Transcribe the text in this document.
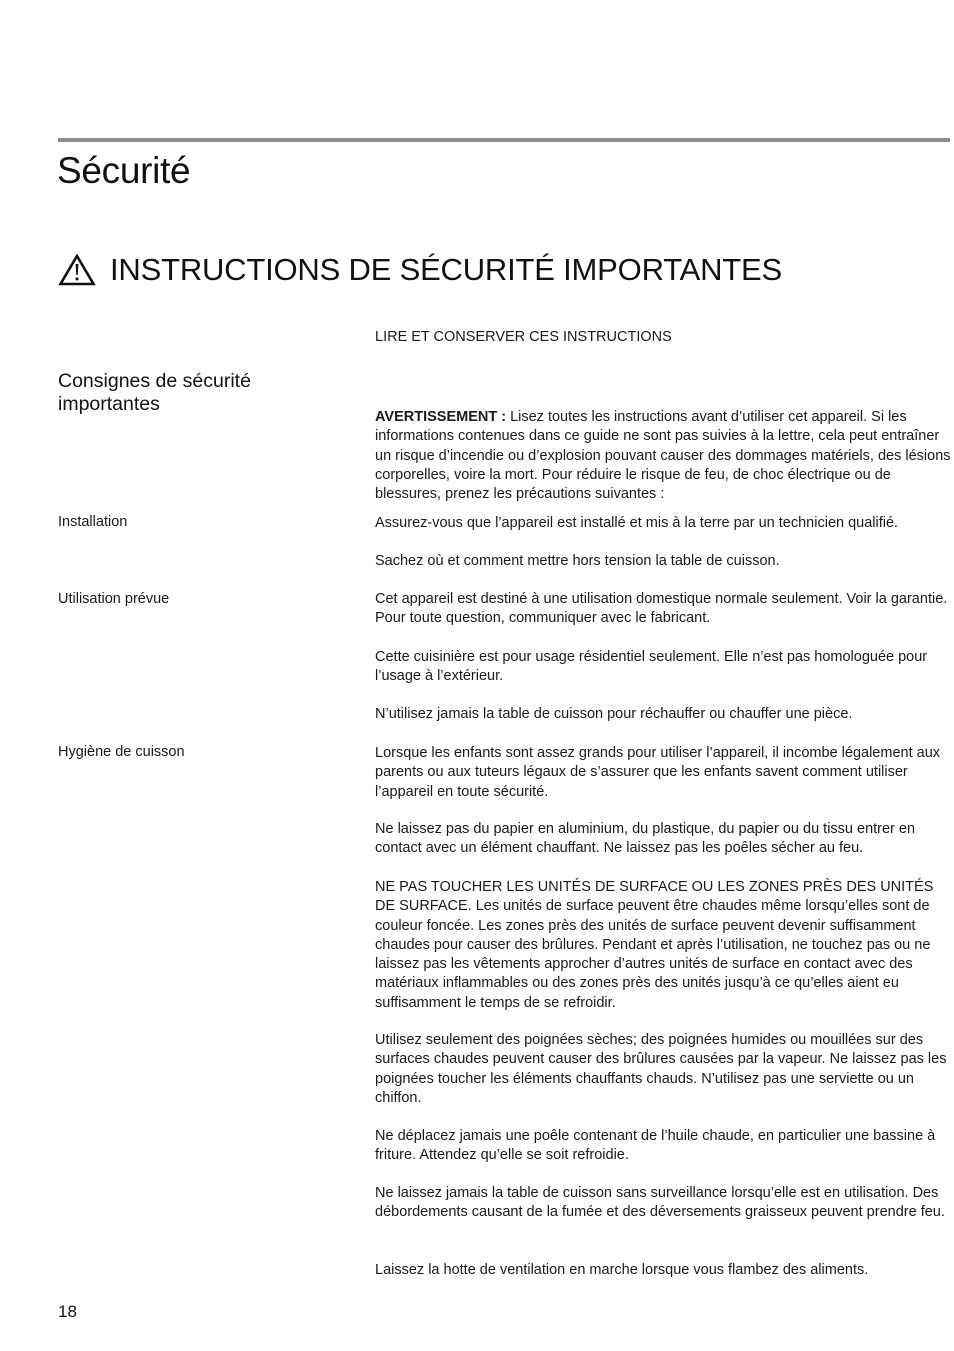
Sécurité
INSTRUCTIONS DE SÉCURITÉ IMPORTANTES
LIRE ET CONSERVER CES INSTRUCTIONS
Consignes de sécurité importantes

AVERTISSEMENT : Lisez toutes les instructions avant d’utiliser cet appareil. Si les informations contenues dans ce guide ne sont pas suivies à la lettre, cela peut entraîner un risque d’incendie ou d’explosion pouvant causer des dommages matériels, des lésions corporelles, voire la mort. Pour réduire le risque de feu, de choc électrique ou de blessures, prenez les précautions suivantes :

Installation	Assurez-vous que l’appareil est installé et mis à la terre par un technicien qualifié.

Sachez où et comment mettre hors tension la table de cuisson.

Utilisation prévue	Cet appareil est destiné à une utilisation domestique normale seulement. Voir la garantie. Pour toute question, communiquer avec le fabricant.

Cette cuisinière est pour usage résidentiel seulement. Elle n’est pas homologuée pour l’usage à l’extérieur.

N’utilisez jamais la table de cuisson pour réchauffer ou chauffer une pièce.

Hygiène de cuisson	Lorsque les enfants sont assez grands pour utiliser l’appareil, il incombe légalement aux parents ou aux tuteurs légaux de s’assurer que les enfants savent comment utiliser l’appareil en toute sécurité.

Ne laissez pas du papier en aluminium, du plastique, du papier ou du tissu entrer en contact avec un élément chauffant. Ne laissez pas les poêles sécher au feu.

NE PAS TOUCHER LES UNITÉS DE SURFACE OU LES ZONES PRÈS DES UNITÉS DE SURFACE. Les unités de surface peuvent être chaudes même lorsqu’elles sont de couleur foncée. Les zones près des unités de surface peuvent devenir suffisamment chaudes pour causer des brûlures. Pendant et après l’utilisation, ne touchez pas ou ne laissez pas les vêtements approcher d’autres unités de surface en contact avec des matériaux inflammables ou des zones près des unités jusqu’à ce qu’elles aient eu suffisamment le temps de se refroidir.

Utilisez seulement des poignées sèches; des poignées humides ou mouillées sur des surfaces chaudes peuvent causer des brûlures causées par la vapeur. Ne laissez pas les poignées toucher les éléments chauffants chauds. N’utilisez pas une serviette ou un chiffon.

Ne déplacez jamais une poêle contenant de l’huile chaude, en particulier une bassine à friture. Attendez qu’elle se soit refroidie.

Ne laissez jamais la table de cuisson sans surveillance lorsqu’elle est en utilisation. Des débordements causant de la fumée et des déversements graisseux peuvent prendre feu.

Laissez la hotte de ventilation en marche lorsque vous flambez des aliments.

18
